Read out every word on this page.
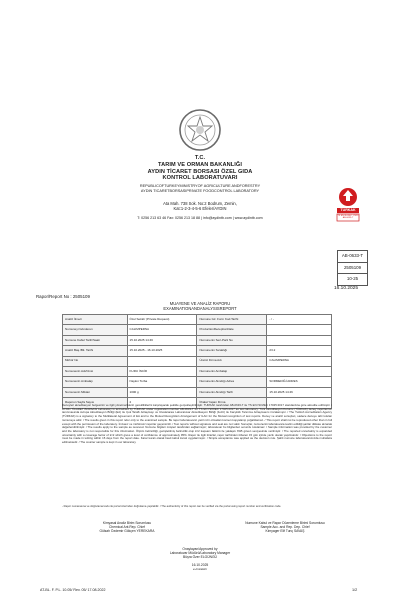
TÜRKAK
TS EN ISO/IEC 17025
AB-0633-T
T.C.
TARIM VE ORMAN BAKANLIĞI
AYDIN TİCARET BORSASI ÖZEL GIDA
KONTROL LABORATUVARI
REPUBLICOFTURKEYMINISTRYOF AGRICULTURE ANDFORESTRY
AYDIN TICARETBORSASIPRIVATE FOODCONTROL LABORATORY
Ata Mah. 738 Sok. No:2 Bodrum, Zemin,
Kat:1-2-3-4-5-6 Efeler/AYDIN
T: 0256 213 63 46 Fax: 0256 213 18 88 | info@aydintb.com | www.aydintb.com
AB-0633-T
2505109
10-25
16.10.2025
Rapor/Report No : 2505109
MUAYENE VE ANALİZ RAPORU
EXAMINATIONANDANALYSISREPORT
Analiz İlmeci	Özel Sektör (Private Request)	Numune Gir. Form Kod.Tarihi	- / -
Numuneyi Gönderen	CALIMPERNA	ProductionReceptionDate	
Numune Kabul Tarih/Saati	15.10.2025 14:46	Numunenin Seri-Parti No	
Analiz Baş./Bit. Tarihi	15.10.2025 - 16.10.2025	Numunenin Sıcaklığı	23.2
Mühür No		Üretici Firma Adı	CALIMPERNA
Numunenin Adı/Cinsi	KURU İNCİR	Numunenin Ambalajı	
Numunenin Ambalajı	Naylon Torba	Numunenin Alındığı Adres	SORMEDİĞİ ADRES
Numunenin Miktarı	1000 g	Numunenin Alındığı Tarih	15.10.2025 14:46
Raporun Sayfa Sayısı	2	İthalat Yapan Firma	
Deneyleri akreditasyon belgesinin ve ilgili yönetmeliklerin gerekliliklerini karşılayacak şekilde gerçekleştirilmiştir. TÜRKAK tarafından AB-0633-T ile TS EN ISO/IEC 17025:2017 standardına göre akredite edilmiştir. / AYDIN TİCARET BORSASI Laboratory is accredited by TÜRKAK under registration number AB-0633-T for TS EN ISO/IEC 17025:2017 as test laboratory. Türk Akreditasyon Kurumu (TÜRKAK) deney raporlarının tanınmasında Avrupa Akreditasyon Birliği (EA) ile Çok Taraflı Anlaşmayı ve Uluslararası Laboratuvar Akreditasyon Birliği (ILAC) ile Karşılıklı Tanınma Anlaşmasını imzalamıştır. / The Turkish Accreditation Agency (TÜRKAK) is a signatory to the Multilateral Agreement of EA and to the Mutual Recognition Arrangement of ILAC for the Mutual recognition of test reports. Deney ve analiz sonuçları, sadece deneye tabi tutulan numuneye aittir. / The results given in this report refer only to the examined sample. Bu rapor laboratuvarın yazılı izni olmadan kısmen kopyalanıp çoğaltılamaz. / This report shall not be reproduced other than in full except with the permission of the laboratory. İmzasız ve mühürsüz raporlar geçersizdir. / Test reports without signature and seal are not valid. Sonuçlar, numunenin laboratuvara teslim edildiği şartlar dikkate alınarak değerlendirilmiştir. / The results apply to the sample as received. Numune bilgileri müşteri tarafından sağlanmıştır; laboratuvar bu bilgilerden sorumlu tutulamaz. / Sample information was provided by the customer and the laboratory is not responsible for this information. Ölçüm belirsizliği, genişletilmiş belirsizlik olup k=2 kapsam faktörü ile yaklaşık %95 güven seviyesinde verilmiştir. / The reported uncertainty is expanded uncertainty with a coverage factor of k=2 which gives a level of confidence of approximately 95%. Rapor ile ilgili itirazlar, rapor tarihinden itibaren 15 gün içinde yazılı olarak yapılmalıdır. / Objections to the report must be made in writing within 15 days from the report date. Karar kuralı olarak basit kabul kuralı uygulanmıştır. / Simple acceptance was applied as the decision rule. Şahit numune laboratuvarımızda muhafaza edilmektedir. / The counter sample is kept in our laboratory.
- Rapor numarasına ve doğrulama kodu ile portal üzerinden doğrulama yapılabilir. / The authenticity of this report can be verified via the portal using report number and verification code.
Kimyasal Analiz Birim Sorumlusu
Chemical Ant.Rep. Chief
Gülsah Özdemir Gökçen YEREKARA
Numune Kabul ve Rapor Düzenleme Birimi Sorumlusu
Sample Acc. and Rep. Dep. Chief
Kimyager Elif Tunç SAVAŞ
Onaylayan/Approved by
Laboratuvar Müdürü/Laboratory Manager
Büşra Özer ELGÜNGÜ
16.10.2025
e-imzalıdır
AT-BL. F. P.L. 10.05/ Rev. 05/ 17.08.2022	1/2
